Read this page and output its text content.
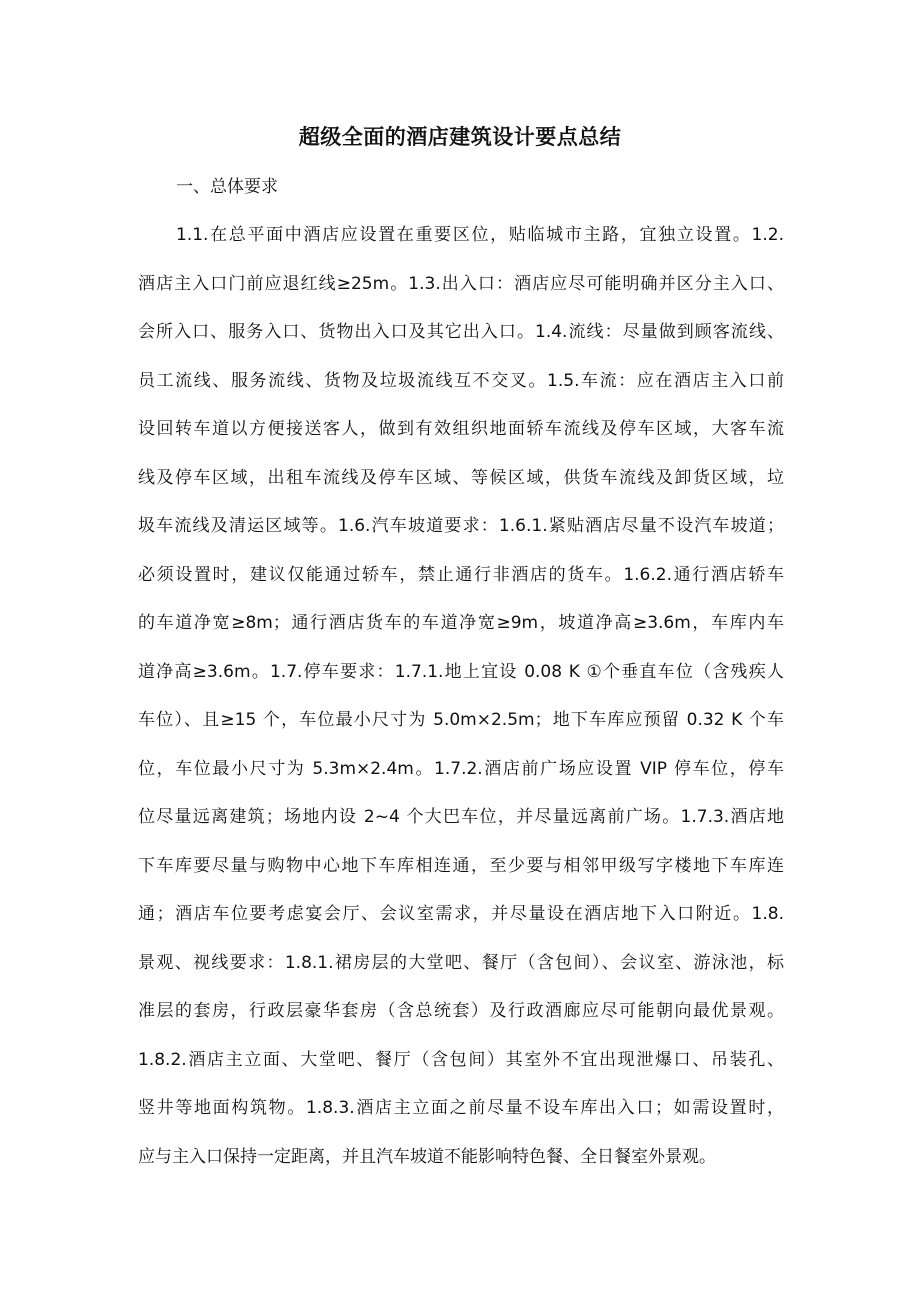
超级全面的酒店建筑设计要点总结
一、总体要求
1.1.在总平面中酒店应设置在重要区位，贴临城市主路，宜独立设置。1.2.
酒店主入口门前应退红线≥25m。1.3.出入口：酒店应尽可能明确并区分主入口、
会所入口、服务入口、货物出入口及其它出入口。1.4.流线：尽量做到顾客流线、
员工流线、服务流线、货物及垃圾流线互不交叉。1.5.车流：应在酒店主入口前
设回转车道以方便接送客人，做到有效组织地面轿车流线及停车区域，大客车流
线及停车区域，出租车流线及停车区域、等候区域，供货车流线及卸货区域，垃
圾车流线及清运区域等。1.6.汽车坡道要求：1.6.1.紧贴酒店尽量不设汽车坡道；
必须设置时，建议仅能通过轿车，禁止通行非酒店的货车。1.6.2.通行酒店轿车
的车道净宽≥8m；通行酒店货车的车道净宽≥9m，坡道净高≥3.6m，车库内车
道净高≥3.6m。1.7.停车要求：1.7.1.地上宜设 0.08 K ①个垂直车位（含残疾人
车位）、且≥15 个，车位最小尺寸为 5.0m×2.5m；地下车库应预留 0.32 K 个车
位，车位最小尺寸为 5.3m×2.4m。1.7.2.酒店前广场应设置 VIP 停车位，停车
位尽量远离建筑；场地内设 2~4 个大巴车位，并尽量远离前广场。1.7.3.酒店地
下车库要尽量与购物中心地下车库相连通，至少要与相邻甲级写字楼地下车库连
通；酒店车位要考虑宴会厅、会议室需求，并尽量设在酒店地下入口附近。1.8.
景观、视线要求：1.8.1.裙房层的大堂吧、餐厅（含包间）、会议室、游泳池，标
准层的套房，行政层豪华套房（含总统套）及行政酒廊应尽可能朝向最优景观。
1.8.2.酒店主立面、大堂吧、餐厅（含包间）其室外不宜出现泄爆口、吊装孔、
竖井等地面构筑物。1.8.3.酒店主立面之前尽量不设车库出入口；如需设置时，
应与主入口保持一定距离，并且汽车坡道不能影响特色餐、全日餐室外景观。
